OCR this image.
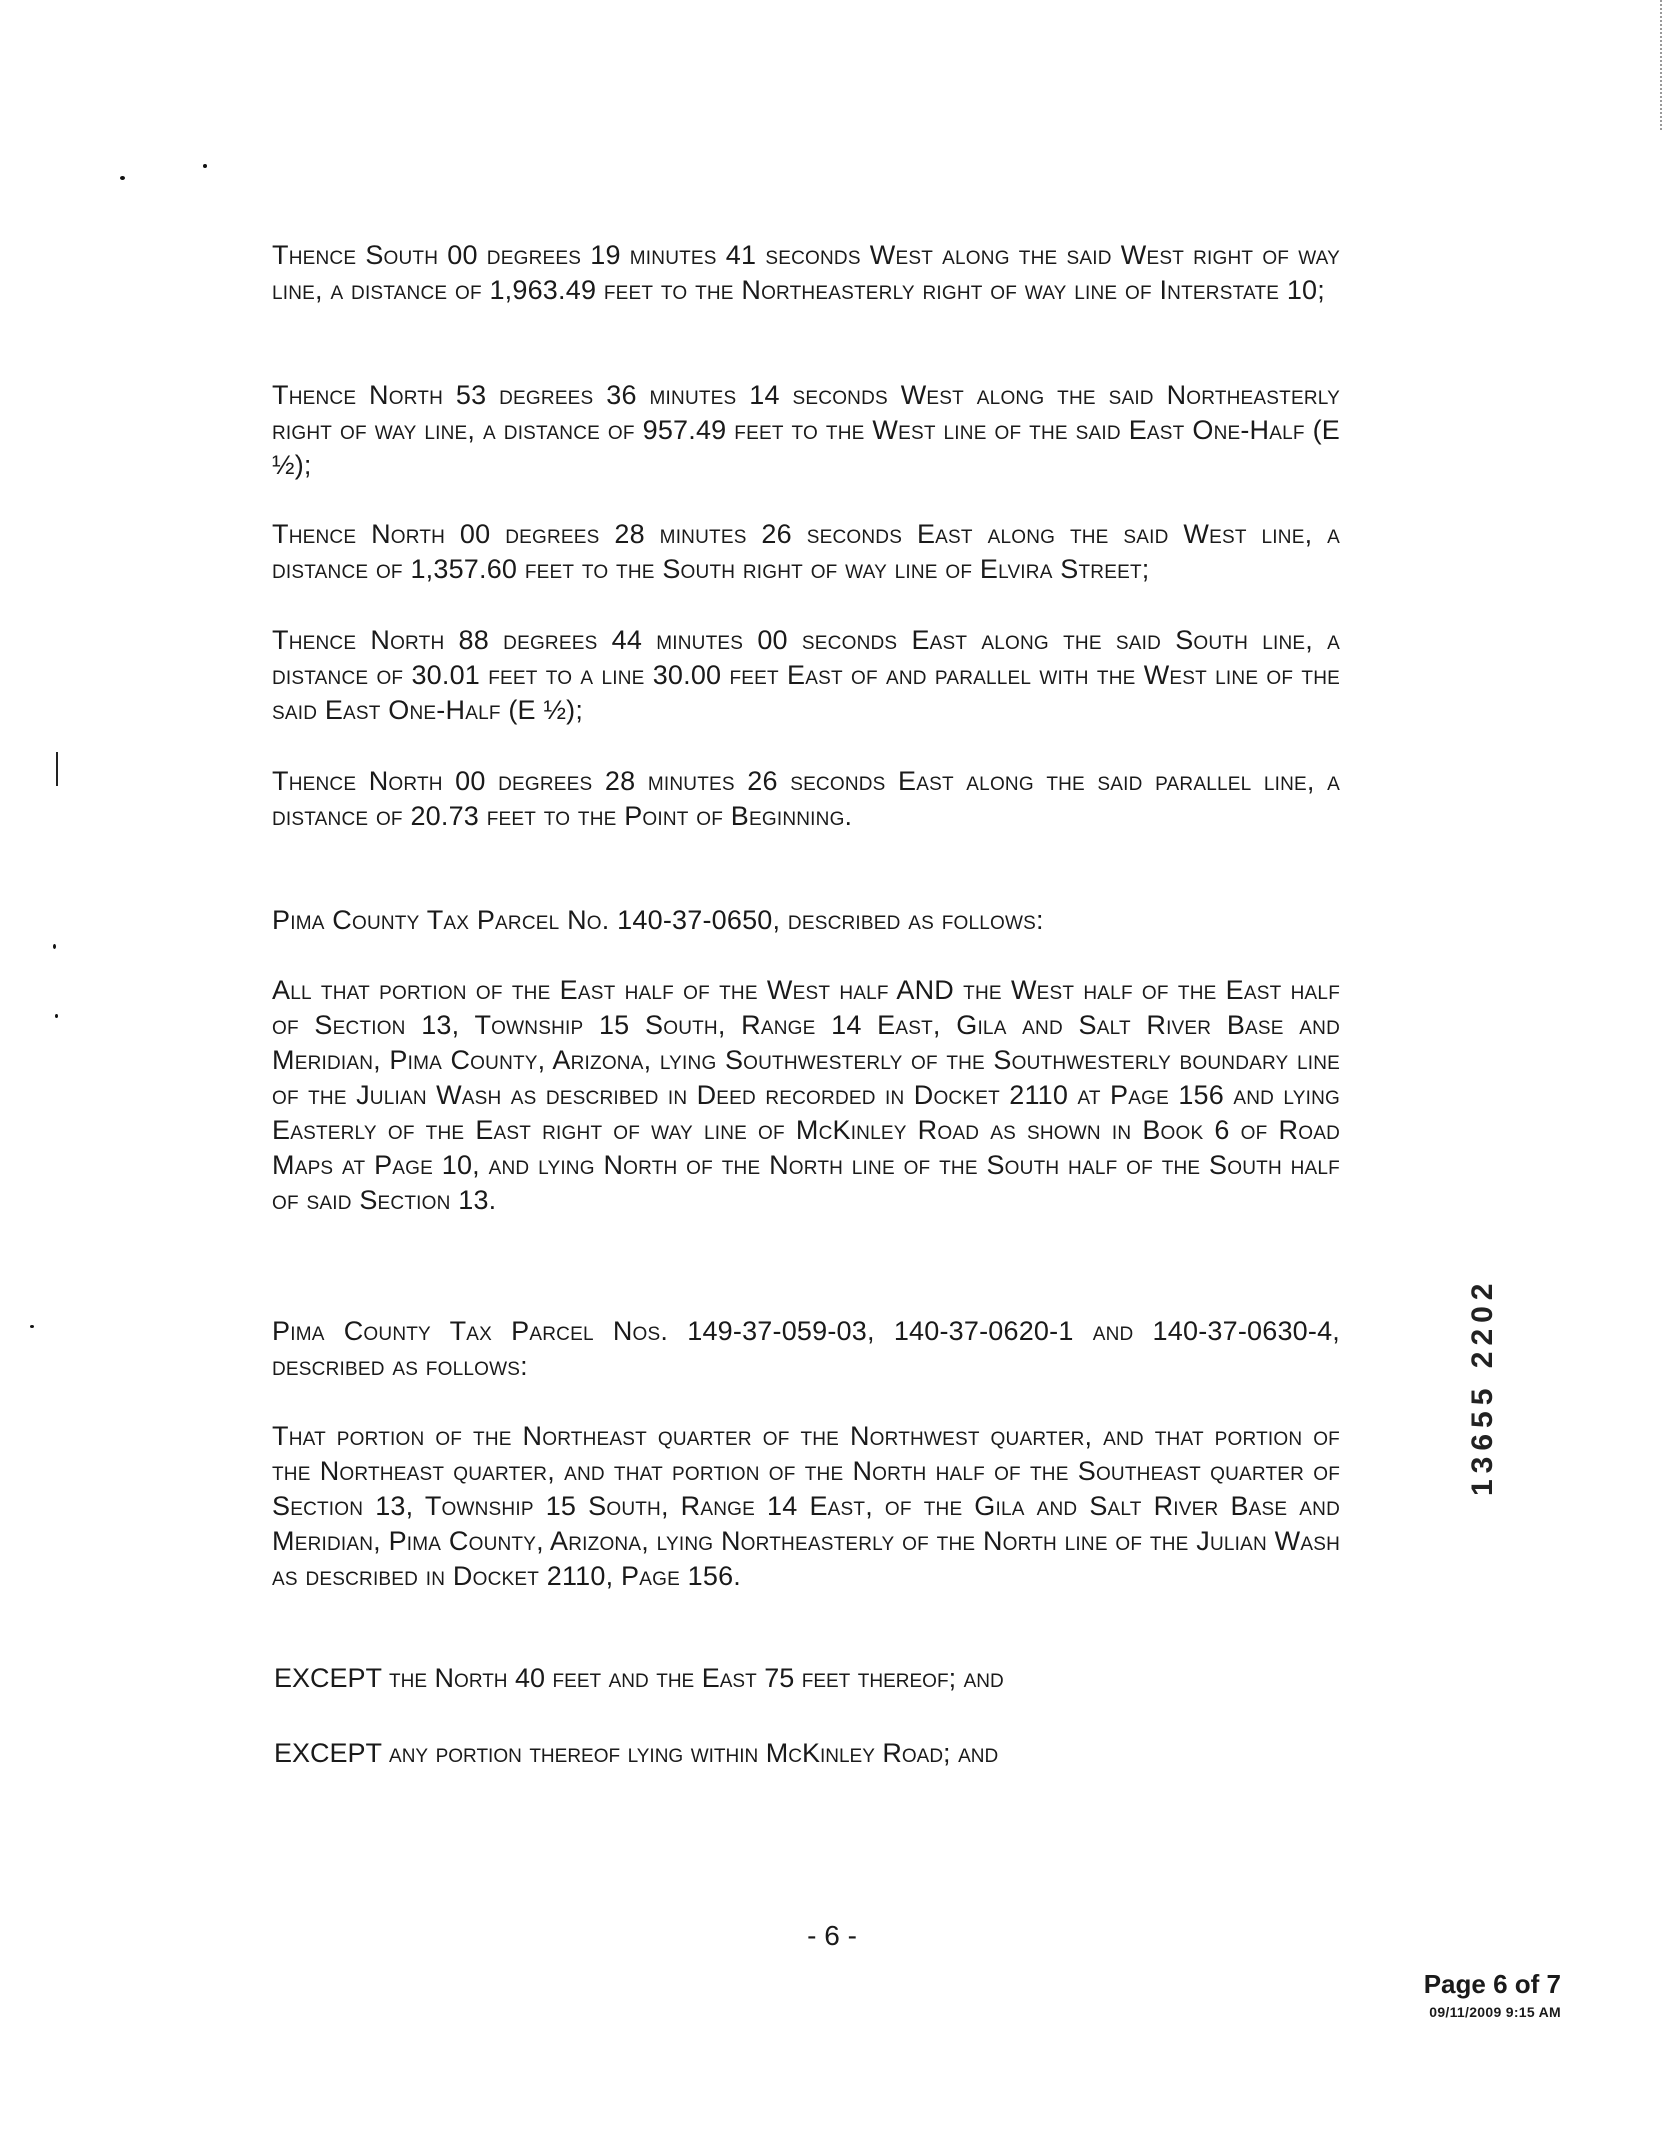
Thence South 00 degrees 19 minutes 41 seconds West along the said West right of way line, a distance of 1,963.49 feet to the Northeasterly right of way line of Interstate 10;
Thence North 53 degrees 36 minutes 14 seconds West along the said Northeasterly right of way line, a distance of 957.49 feet to the West line of the said East One-Half (E ½);
Thence North 00 degrees 28 minutes 26 seconds East along the said West line, a distance of 1,357.60 feet to the South right of way line of Elvira Street;
Thence North 88 degrees 44 minutes 00 seconds East along the said South line, a distance of 30.01 feet to a line 30.00 feet East of and parallel with the West line of the said East One-Half (E ½);
Thence North 00 degrees 28 minutes 26 seconds East along the said parallel line, a distance of 20.73 feet to the Point of Beginning.
Pima County Tax Parcel No. 140-37-0650, described as follows:
All that portion of the East half of the West half AND the West half of the East half of Section 13, Township 15 South, Range 14 East, Gila and Salt River Base and Meridian, Pima County, Arizona, lying Southwesterly of the Southwesterly boundary line of the Julian Wash as described in Deed recorded in Docket 2110 at Page 156 and lying Easterly of the East right of way line of McKinley Road as shown in Book 6 of Road Maps at Page 10, and lying North of the North line of the South half of the South half of said Section 13.
Pima County Tax Parcel Nos. 149-37-059-03, 140-37-0620-1 and 140-37-0630-4, described as follows:
That portion of the Northeast quarter of the Northwest quarter, and that portion of the Northeast quarter, and that portion of the North half of the Southeast quarter of Section 13, Township 15 South, Range 14 East, of the Gila and Salt River Base and Meridian, Pima County, Arizona, lying Northeasterly of the North line of the Julian Wash as described in Docket 2110, Page 156.
EXCEPT the North 40 feet and the East 75 feet thereof; and
EXCEPT any portion thereof lying within McKinley Road; and
13655 2202
- 6 -
Page 6 of 7
09/11/2009 9:15 AM
